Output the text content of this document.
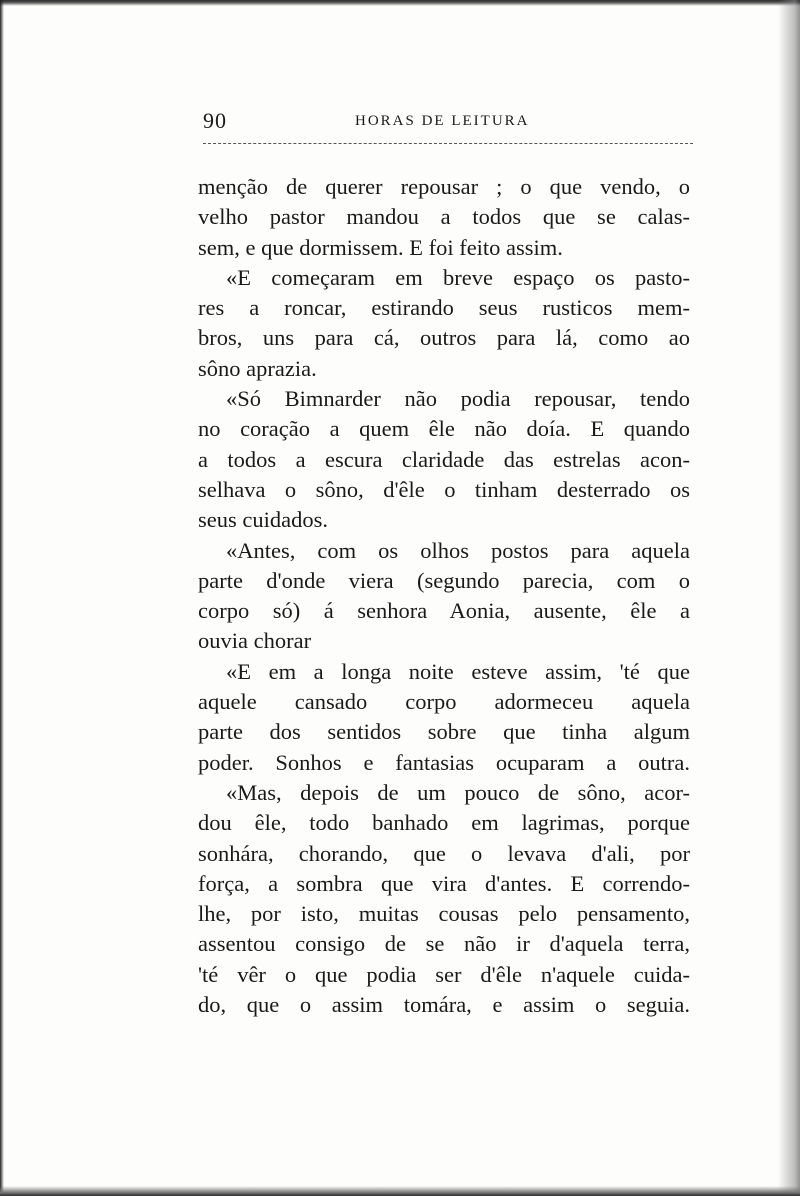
90	HORAS DE LEITURA
menção de querer repousar ; o que vendo, o
velho pastor mandou a todos que se calas-
sem, e que dormissem. E foi feito assim.
«E começaram em breve espaço os pasto-
res a roncar, estirando seus rusticos mem-
bros, uns para cá, outros para lá, como ao
sôno aprazia.
«Só Bimnarder não podia repousar, tendo
no coração a quem êle não doía. E quando
a todos a escura claridade das estrelas acon-
selhava o sôno, d'êle o tinham desterrado os
seus cuidados.
«Antes, com os olhos postos para aquela
parte d'onde viera (segundo parecia, com o
corpo só) á senhora Aonia, ausente, êle a
ouvia chorar
«E em a longa noite esteve assim, 'té que
aquele cansado corpo adormeceu aquela
parte dos sentidos sobre que tinha algum
poder. Sonhos e fantasias ocuparam a outra.
«Mas, depois de um pouco de sôno, acor-
dou êle, todo banhado em lagrimas, porque
sonhára, chorando, que o levava d'ali, por
força, a sombra que vira d'antes. E correndo-
lhe, por isto, muitas cousas pelo pensamento,
assentou consigo de se não ir d'aquela terra,
'té vêr o que podia ser d'êle n'aquele cuida-
do, que o assim tomára, e assim o seguia.
